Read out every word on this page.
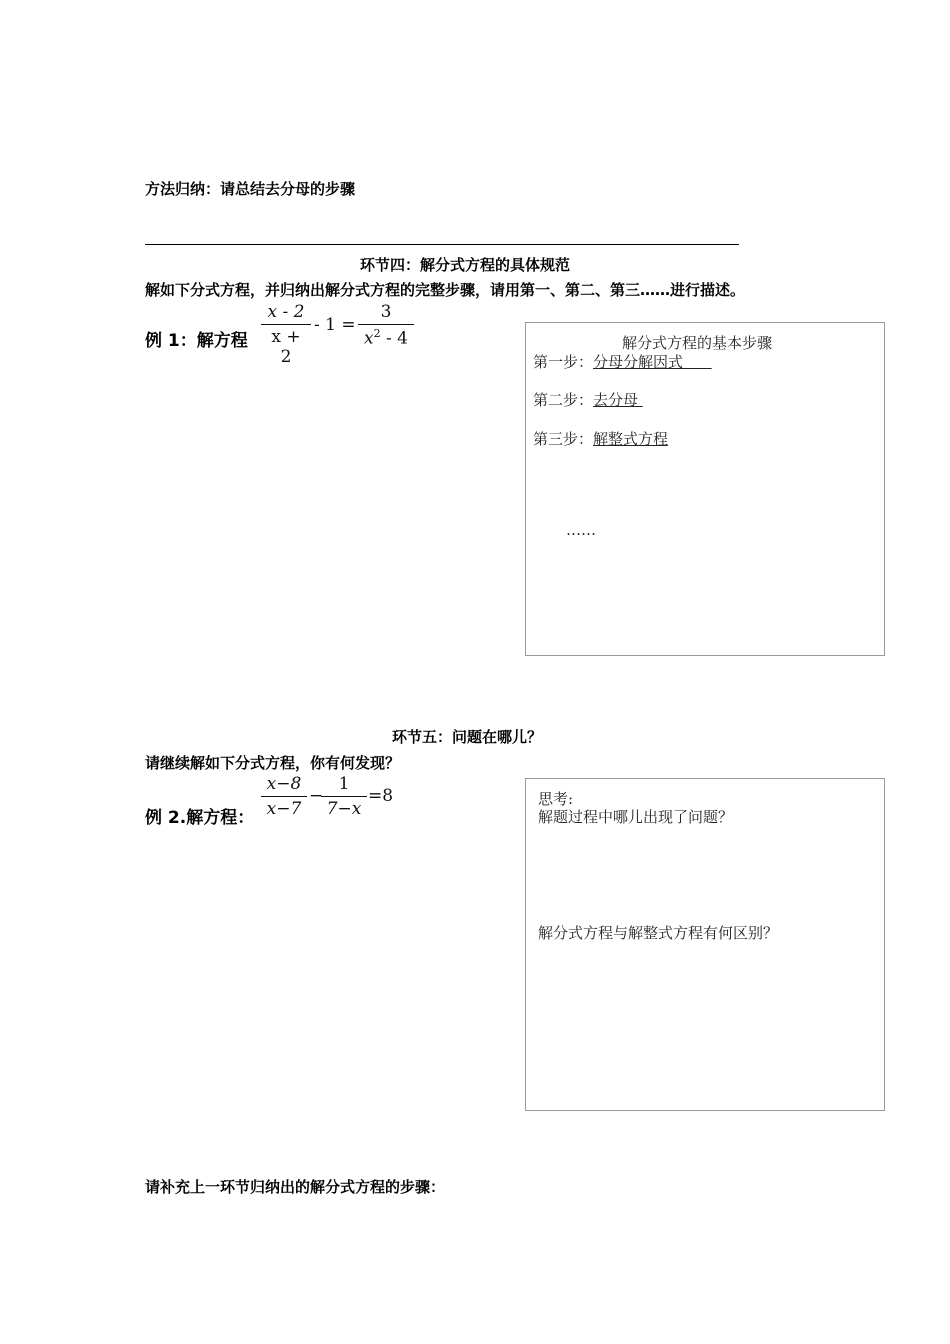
方法归纳：请总结去分母的步骤
环节四：解分式方程的具体规范
解如下分式方程，并归纳出解分式方程的完整步骤，请用第一、第二、第三……进行描述。
例 1：解方程
x - 2
x + 2
- 1 =
3
$x^2 - 4$	解分式方程的基本步骤
第一步：分母分解因式
第二步：去分母
第三步：解整式方程
……
环节五：问题在哪儿？
请继续解如下分式方程，你有何发现？
例 2.解方程：
x−8
x−7
−
1
7−x
=8	思考:
解题过程中哪儿出现了问题？
解分式方程与解整式方程有何区别？
请补充上一环节归纳出的解分式方程的步骤：
